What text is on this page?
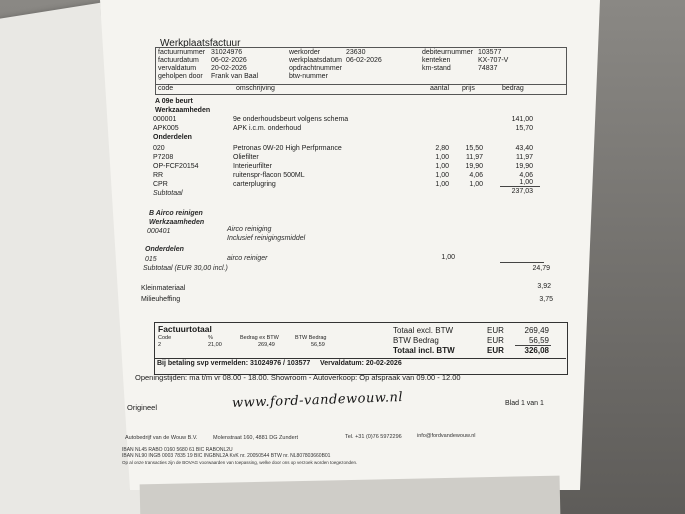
Werkplaatsfactuur
factuurnummer 31024976	werkorder	23630	debiteurnummer 103577
factuurdatum 06-02-2026	werkplaatsdatum 06-02-2026	kenteken	KX-707-V
vervaldatum 20-02-2026	opdrachtnummer	km-stand	74837
geholpen door Frank van Baal	btw-nummer
code	omschrijving	aantal prijs	bedrag
A 09e beurt
Werkzaamheden
000001	9e onderhoudsbeurt volgens schema	141,00
APK005	APK i.c.m. onderhoud	15,70
Onderdelen
020	Petronas 0W-20 High Perfprmance	2,80 15,50	43,40
P7208	Oliefilter	1,00 11,97	11,97
OP-FCF20154	Interieurfilter	1,00 19,90	19,90
RR	ruitenspr-flacon 500ML	1,00	4,06	4,06
CPR	carterplugring	1,00	1,00	1,00
Subtotaal	237,03
B Airco reinigen
Werkzaamheden
000401	Airco reiniging
Inclusief reinigingsmiddel
Onderdelen
015	airco reiniger	1,00
Subtotaal (EUR 30,00 incl.)	24,79
Kleinmateriaal	3,92
Milieuheffing	3,75
Factuurtotaal
Code	%	Bedrag ex BTW	BTW Bedrag
2	21,00	269,49	56,59
Totaal excl. BTW	EUR	269,49
BTW Bedrag	EUR	56,59
Totaal incl. BTW	EUR	326,08
Bij betaling svp vermelden: 31024976 / 103577 Vervaldatum: 20-02-2026
Openingstijden: ma t/m vr 08.00 - 18.00. Showroom - Autoverkoop: Op afspraak van 09.00 - 12.00
Origineel	Blad 1 van 1
Autobedrijf van de Wouw B.V.	Molenstraat 160, 4881 DG Zundert	Tel. +31 (0)76 5972296	info@fordvandewouw.nl
IBAN NL45 RABO 0160 5680 61 BIC RABONL2U
IBAN NL90 INGB 0003 7835 19 BIC INGBNL2A KvK nr. 20050544 BTW nr. NL807803660B01
Op al onze transacties zijn de BOVAG voorwaarden van toepassing, welke door ons op verzoek worden toegezonden.
www.ford-vandewouw.nl
